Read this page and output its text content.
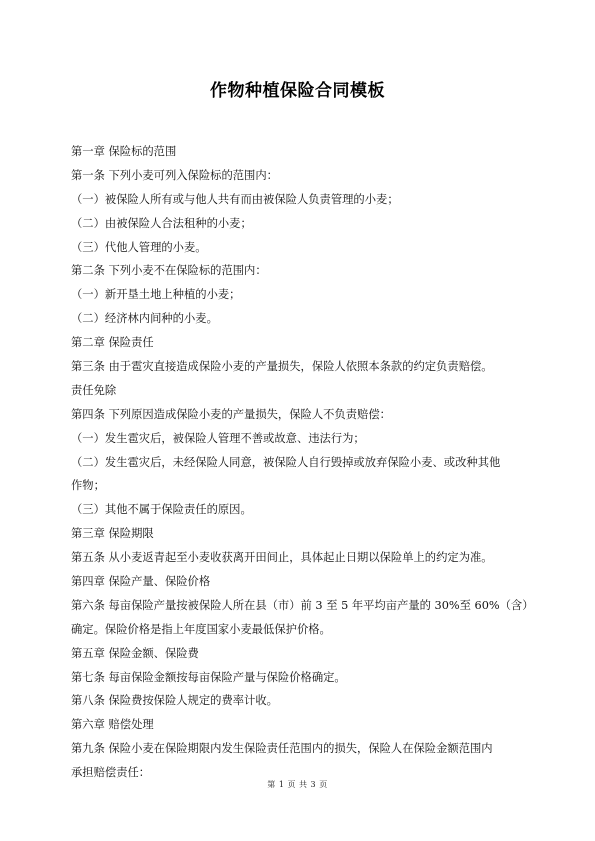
作物种植保险合同模板
第一章 保险标的范围
第一条 下列小麦可列入保险标的范围内：
（一）被保险人所有或与他人共有而由被保险人负责管理的小麦；
（二）由被保险人合法租种的小麦；
（三）代他人管理的小麦。
第二条 下列小麦不在保险标的范围内：
（一）新开垦土地上种植的小麦；
（二）经济林内间种的小麦。
第二章 保险责任
第三条 由于雹灾直接造成保险小麦的产量损失，保险人依照本条款的约定负责赔偿。
责任免除
第四条 下列原因造成保险小麦的产量损失，保险人不负责赔偿：
（一）发生雹灾后，被保险人管理不善或故意、违法行为；
（二）发生雹灾后，未经保险人同意，被保险人自行毁掉或放弃保险小麦、或改种其他
作物；
（三）其他不属于保险责任的原因。
第三章 保险期限
第五条 从小麦返青起至小麦收获离开田间止，具体起止日期以保险单上的约定为准。
第四章 保险产量、保险价格
第六条 每亩保险产量按被保险人所在县（市）前 3 至 5 年平均亩产量的 30%至 60%（含）
确定。保险价格是指上年度国家小麦最低保护价格。
第五章 保险金额、保险费
第七条 每亩保险金额按每亩保险产量与保险价格确定。
第八条 保险费按保险人规定的费率计收。
第六章 赔偿处理
第九条 保险小麦在保险期限内发生保险责任范围内的损失，保险人在保险金额范围内
承担赔偿责任：
第 1 页 共 3 页
